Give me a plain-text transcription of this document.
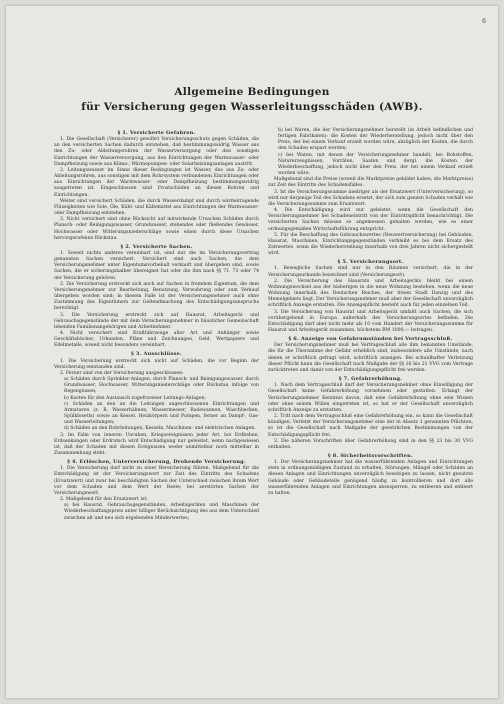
6
Allgemeine Bedingungen
für Versicherung gegen Wasserleitungsschäden (AWB).
§ 1. Versicherte Gefahren.

1. Die Gesellschaft (Versicherer) gewährt Versicherungsschutz gegen Schäden, die an den versicherten Sachen dadurch entstehen, daß bestimmungswidrig Wasser aus den Zu- oder Ableitungsrohren der Wasserversorgung oder den sonstigen Einrichtungen der Wasserversorgung, aus den Einrichtungen der Warmwasser- oder Dampfheizung sowie aus Klima-, Wärmepumpen- oder Solarheizungsanlagen austritt.

2. Leitungswasser im Sinne dieser Bedingungen ist Wasser, das aus Zu- oder Ableitungsrohren, aus sonstigen mit dem Rohrsystem verbundenen Einrichtungen oder aus Einrichtungen der Warmwasser- oder Dampfheizung bestimmungswidrig ausgetreten ist. Eingeschlossen sind Frostschäden an diesen Rohren und Einrichtungen.

Weiter sind versichert Schäden, die durch Wasserdampf und durch wärmetragende Flüssigkeiten wie Sole, Öle, Kühl- und Kältemittel aus Einrichtungen der Warmwasser- oder Dampfheizung entstehen.

3. Nicht versichert sind ohne Rücksicht auf mitwirkende Ursachen Schäden durch Plansch- oder Reinigungswasser, Grundwasser, stehendes oder fließendes Gewässer, Hochwasser oder Witterungsniederschläge sowie einen durch diese Ursachen hervorgerufenen Rückstau.

§ 2. Versicherte Sachen.

1. Soweit nichts anderes vereinbart ist, sind nur die im Versicherungsvertrag genannten Sachen versichert. Versichert sind auch Sachen, die dem Versicherungsnehmer unter Eigentumsvorbehalt verkauft und übergeben sind, sowie Sachen, die er sicherungshalber übereignet hat oder die ihm nach §§ 71, 73 oder 74 der Versicherung gehören.

2. Die Versicherung erstreckt sich auch auf Sachen in fremdem Eigentum, die dem Versicherungsnehmer zur Bearbeitung, Benutzung, Verwahrung oder zum Verkauf übergeben worden sind; in diesem Falle ist der Versicherungsnehmer auch ohne Zustimmung des Eigentümers zur Geltendmachung des Entschädigungsanspruchs berechtigt.

3. Die Versicherung erstreckt sich auf Hausrat, Arbeitsgerät und Gebrauchsgegenstände der mit dem Versicherungsnehmer in häuslicher Gemeinschaft lebenden Familienangehörigen und Arbeitnehmer.

4. Nicht versichert sind Kraftfahrzeuge aller Art und Anhänger sowie Geschäftsbücher, Urkunden, Pläne und Zeichnungen, Geld, Wertpapiere und Edelmetalle, soweit nicht besonders vereinbart.

§ 3. Ausschlüsse.

1. Die Versicherung erstreckt sich nicht auf Schäden, die vor Beginn der Versicherung entstanden sind.

2. Ferner sind von der Versicherung ausgeschlossen:

a) Schäden durch Sprinkler-Anlagen, durch Plansch- und Reinigungswasser, durch Grundwasser, Hochwasser, Witterungsniederschläge oder Rückstau infolge von Regengüssen;

b) Kosten für den Austausch zugefrorener Leitungs-Anlagen;

c) Schäden an den an die Leitungen angeschlossenen Einrichtungen und Armaturen (z. B. Wasserhähnen, Wassermesser, Badewannen, Waschbecken, Spülklosetts) sowie an Kessel, Heizkörpern und Pumpen, ferner an Dampf-, Gas- und Wasserleitungen;

d) Schäden an den Rohrleitungen, Kesseln, Maschinen- und elektrischen Anlagen.

3. Im Falle von inneren Unruhen, Kriegsereignissen jeder Art, bei Erdbeben, Erdsenkungen oder Erdrutsch wird Entschädigung nur geleistet, wenn nachgewiesen ist, daß der Schaden mit diesen Ereignissen weder unmittelbar noch mittelbar in Zusammenhang steht.

§ 4. Erlöschen, Unterversicherung, Drohende Versicherung.

1. Die Versicherung darf nicht zu einer Bereicherung führen. Maßgebend für die Entschädigung ist der Versicherungswert zur Zeit des Eintritts des Schadens (Ersatzwert) und zwar bei beschädigten Sachen der Unterschied zwischen ihrem Wert vor dem Schaden und dem Wert der Reste; bei zerstörten Sachen der Versicherungswert.

2. Maßgebend für den Ersatzwert ist:

a) bei Hausrat, Gebrauchsgegenständen, Arbeitsgeräten und Maschinen der Wiederbeschaffungspreis unter billiger Berücksichtigung des aus dem Unterschied zwischen alt und neu sich ergebenden Minderwertes;

b) bei Waren, die der Versicherungsnehmer herstellt (in Arbeit befindlichen und fertigen Fabrikaten): die Kosten der Wiederherstellung, jedoch nicht über den Preis, der bei einem Verkauf erzielt worden wäre, abzüglich der Kosten, die durch den Schaden erspart werden;

c) bei Waren, mit denen der Versicherungsnehmer handelt, bei Rohstoffen, Naturerzeugnissen, Vorräten, Saaten und dergl. die Kosten der Wiederbeschaffung, jedoch nicht über den Preis, der bei einem Verkauf erzielt worden wäre.

Maßgebend sind die Preise (soweit die Marktpreise gebildet haben, die Marktpreise) zur Zeit des Eintritts des Schadensfalles.

3. Ist die Versicherungssumme niedriger als der Ersatzwert (Unterversicherung), so wird nur derjenige Teil des Schadens ersetzt, der sich zum ganzen Schaden verhält wie die Versicherungssumme zum Ersatzwert.

4. Die Entschädigung wird nur geleistet, wenn die Gesellschaft den Versicherungsnehmer bei Schadeneintritt von der Eintrittspflicht benachrichtigt. Die versicherten Sachen müssen so angemessen gehalten werden, wie es einer ordnungsgemäßen Wirtschaftsführung entspricht.

5. Für die Beschaffung des Gebrauchswertes (Neuwertversicherung) bei Gebäuden, Hausrat, Maschinen, Einrichtungsgegenständen verbleibt es bei dem Ersatz des Zeitwertes, wenn die Wiederherstellung innerhalb von drei Jahren nicht sichergestellt wird.

§ 5. Versicherungsort.

1. Bewegliche Sachen sind nur in den Räumen versichert, die in der Versicherungsurkunde bezeichnet sind (Versicherungsort).

2. Die Versicherung des Hausrats und Arbeitsgeräts bleibt bei einem Wohnungswechsel aus der bisherigen in die neue Wohnung bestehen, wenn die neue Wohnung innerhalb des Deutschen Reiches, der freien Stadt Danzig und des Memelgebiets liegt. Der Versicherungsnehmer muß aber der Gesellschaft unverzüglich schriftlich Anzeige erstatten. Die Anzeigepflicht besteht auch für jeden einzelnen Teil.

3. Die Versicherung von Hausrat und Arbeitsgerät umfaßt auch Sachen, die sich vorübergehend in Europa außerhalb des Versicherungsortes befinden. Die Entschädigung darf aber nicht mehr als 10 vom Hundert der Versicherungssumme für Hausrat und Arbeitsgerät zusammen, höchstens RM 1000,— betragen.

§ 6. Anzeige von Gefahrumständen bei Vertragsschluß.

Der Versicherungsnehmer muß bei Vertragsschluß alle ihm bekannten Umstände, die für die Übernahme der Gefahr erheblich sind, insbesondere alle Umstände, nach denen er schriftlich gefragt wird, schriftlich anzeigen. Bei schuldhafter Verletzung dieser Pflicht kann die Gesellschaft nach Maßgabe der §§ 16 bis 21 VVG vom Vertrage zurücktreten und damit von der Entschädigungspflicht frei werden.

§ 7. Gefahrerhöhung.

1. Nach dem Vertragsschluß darf der Versicherungsnehmer ohne Einwilligung der Gesellschaft keine Gefahrerhöhung vornehmen oder gestatten. Erlangt der Versicherungsnehmer Kenntnis davon, daß eine Gefahrerhöhung ohne sein Wissen oder ohne seinen Willen eingetreten ist, so hat er der Gesellschaft unverzüglich schriftlich Anzeige zu erstatten.

2. Tritt nach dem Vertragsschluß eine Gefahrerhöhung ein, so kann die Gesellschaft kündigen. Verletzt der Versicherungsnehmer eine der in Absatz 1 genannten Pflichten, so ist die Gesellschaft nach Maßgabe der gesetzlichen Bestimmungen von der Entschädigungspflicht frei.

3. Die näheren Vorschriften über Gefahrerhöhung sind in den §§ 23 bis 30 VVG enthalten.

§ 8. Sicherheitsvorschriften.

1. Der Versicherungsnehmer hat die wasserführenden Anlagen und Einrichtungen stets in ordnungsmäßigem Zustand zu erhalten, Störungen, Mängel oder Schäden an diesen Anlagen und Einrichtungen unverzüglich beseitigen zu lassen, nicht genutzte Gebäude oder Gebäudeteile genügend häufig zu kontrollieren und dort alle wasserführenden Anlagen und Einrichtungen abzusperren, zu entleeren und entleert zu halten.
